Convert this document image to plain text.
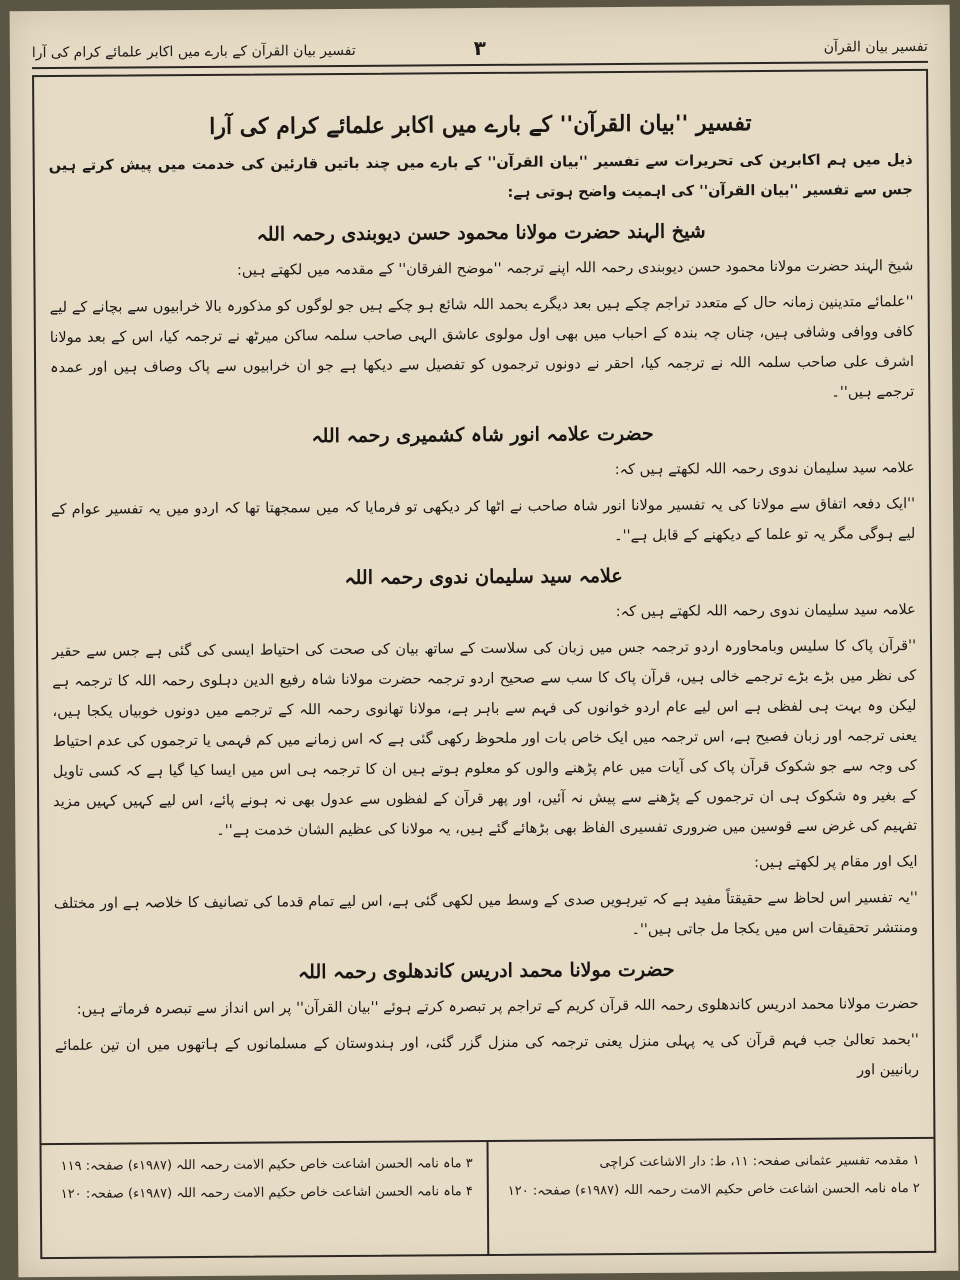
تفسیر بیان القرآن کے بارے میں اکابر علمائے کرام کی آرا	۳	تفسیر بیان القرآن
تفسیر ''بیان القرآن'' کے بارے میں اکابر علمائے کرام کی آرا

ذیل میں ہم اکابرین کی تحریرات سے تفسیر ''بیان القرآن'' کے بارے میں چند باتیں قارئین کی خدمت میں پیش کرتے ہیں جس سے تفسیر ''بیان القرآن'' کی اہمیت واضح ہوتی ہے:

شیخ الہند حضرت مولانا محمود حسن دیوبندی رحمہ اللہ

شیخ الہند حضرت مولانا محمود حسن دیوبندی رحمہ اللہ اپنے ترجمہ ''موضح الفرقان'' کے مقدمہ میں لکھتے ہیں:

''علمائے متدینین زمانہ حال کے متعدد تراجم چکے ہیں بعد دیگرے بحمد اللہ شائع ہو چکے ہیں جو لوگوں کو مذکورہ بالا خرابیوں سے بچانے کے لیے کافی ووافی وشافی ہیں، چناں چہ بندہ کے احباب میں بھی اول مولوی عاشق الہی صاحب سلمہ ساکن میرٹھ نے ترجمہ کیا، اس کے بعد مولانا اشرف علی صاحب سلمہ اللہ نے ترجمہ کیا، احقر نے دونوں ترجموں کو تفصیل سے دیکھا ہے جو ان خرابیوں سے پاک وصاف ہیں اور عمدہ ترجمے ہیں''۔

حضرت علامہ انور شاہ کشمیری رحمہ اللہ

علامہ سید سلیمان ندوی رحمہ اللہ لکھتے ہیں کہ:

''ایک دفعہ اتفاق سے مولانا کی یہ تفسیر مولانا انور شاہ صاحب نے اٹھا کر دیکھی تو فرمایا کہ میں سمجھتا تھا کہ اردو میں یہ تفسیر عوام کے لیے ہوگی مگر یہ تو علما کے دیکھنے کے قابل ہے''۔

علامہ سید سلیمان ندوی رحمہ اللہ

علامہ سید سلیمان ندوی رحمہ اللہ لکھتے ہیں کہ:

''قرآن پاک کا سلیس وبامحاورہ اردو ترجمہ جس میں زبان کی سلاست کے ساتھ بیان کی صحت کی احتیاط ایسی کی گئی ہے جس سے حقیر کی نظر میں بڑے بڑے ترجمے خالی ہیں، قرآن پاک کا سب سے صحیح اردو ترجمہ حضرت مولانا شاہ رفیع الدین دہلوی رحمہ اللہ کا ترجمہ ہے لیکن وہ بہت ہی لفظی ہے اس لیے عام اردو خوانوں کی فہم سے باہر ہے، مولانا تھانوی رحمہ اللہ کے ترجمے میں دونوں خوبیاں یکجا ہیں، یعنی ترجمہ اور زبان فصیح ہے، اس ترجمہ میں ایک خاص بات اور ملحوظ رکھی گئی ہے کہ اس زمانے میں کم فہمی یا ترجموں کی عدم احتیاط کی وجہ سے جو شکوک قرآن پاک کی آیات میں عام پڑھنے والوں کو معلوم ہوتے ہیں ان کا ترجمہ ہی اس میں ایسا کیا گیا ہے کہ کسی تاویل کے بغیر وہ شکوک ہی ان ترجموں کے پڑھنے سے پیش نہ آئیں، اور پھر قرآن کے لفظوں سے عدول بھی نہ ہونے پائے، اس لیے کہیں کہیں مزید تفہیم کی غرض سے قوسین میں ضروری تفسیری الفاظ بھی بڑھائے گئے ہیں، یہ مولانا کی عظیم الشان خدمت ہے''۔

ایک اور مقام پر لکھتے ہیں:

''یہ تفسیر اس لحاظ سے حقیقتاً مفید ہے کہ تیرہویں صدی کے وسط میں لکھی گئی ہے، اس لیے تمام قدما کی تصانیف کا خلاصہ ہے اور مختلف ومنتشر تحقیقات اس میں یکجا مل جاتی ہیں''۔

حضرت مولانا محمد ادریس کاندھلوی رحمہ اللہ

حضرت مولانا محمد ادریس کاندھلوی رحمہ اللہ قرآن کریم کے تراجم پر تبصرہ کرتے ہوئے ''بیان القرآن'' پر اس انداز سے تبصرہ فرماتے ہیں:

''بحمد تعالیٰ جب فہم قرآن کی یہ پہلی منزل یعنی ترجمہ کی منزل گزر گئی، اور ہندوستان کے مسلمانوں کے ہاتھوں میں ان تین علمائے ربانیین اور

۱ مقدمہ تفسیر عثمانی صفحہ: ۱۱، ط: دار الاشاعت کراچی
۲ ماہ نامہ الحسن اشاعت خاص حکیم الامت رحمہ اللہ (۱۹۸۷ء) صفحہ: ۱۲۰
۳ ماہ نامہ الحسن اشاعت خاص حکیم الامت رحمہ اللہ (۱۹۸۷ء) صفحہ: ۱۱۹
۴ ماہ نامہ الحسن اشاعت خاص حکیم الامت رحمہ اللہ (۱۹۸۷ء) صفحہ: ۱۲۰
